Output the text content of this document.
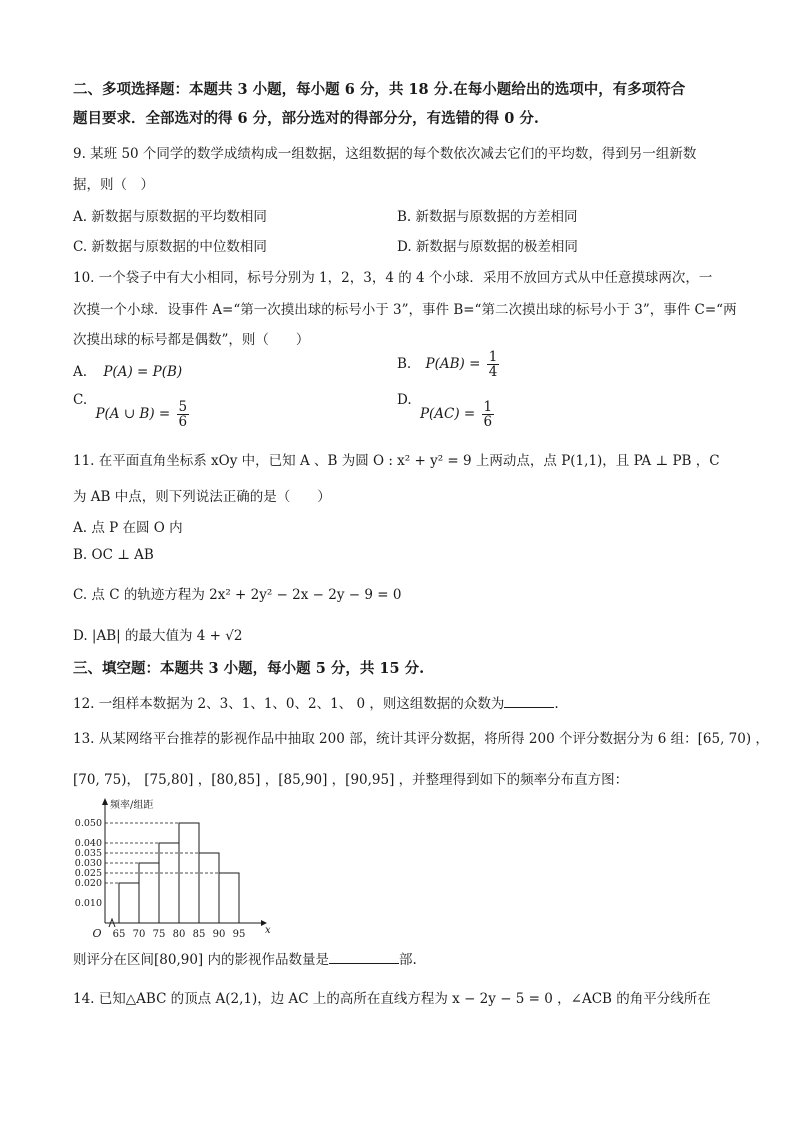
二、多项选择题：本题共 3 小题，每小题 6 分，共 18 分.在每小题给出的选项中，有多项符合
题目要求．全部选对的得 6 分，部分选对的得部分分，有选错的得 0 分.
9. 某班 50 个同学的数学成绩构成一组数据，这组数据的每个数依次减去它们的平均数，得到另一组新数
据，则（　）
A. 新数据与原数据的平均数相同	B. 新数据与原数据的方差相同
C. 新数据与原数据的中位数相同	D. 新数据与原数据的极差相同
10. 一个袋子中有大小相同，标号分别为 1，2，3，4 的 4 个小球．采用不放回方式从中任意摸球两次，一
次摸一个小球．设事件 A=“第一次摸出球的标号小于 3”，事件 B=“第二次摸出球的标号小于 3”，事件 C=“两
次摸出球的标号都是偶数”，则（　　）
A. P(A) = P(B)	B. $P(AB) = \frac{1}{4}$
C. P(A ∪ $B) = \frac{5}{6}$	D. $P(AC) = \frac{1}{6}$
11. 在平面直角坐标系 xOy 中，已知 A 、B 为圆 O : x² + y² = 9 上两动点，点 P(1,1)，且 PA ⊥ PB ，C
为 AB 中点，则下列说法正确的是（　　）
A. 点 P 在圆 O 内
B. OC ⊥ AB
C. 点 C 的轨迹方程为 2x² + 2y² − 2x − 2y − 9 = 0
D. |AB| 的最大值为 4 + √2
三、填空题：本题共 3 小题，每小题 5 分，共 15 分.
12. 一组样本数据为 2、3、1、1、0、2、1、 0 ，则这组数据的众数为	.
13. 从某网络平台推荐的影视作品中抽取 200 部，统计其评分数据，将所得 200 个评分数据分为 6 组：[65, 70) ，
[70, 75)， [75,80] ，[80,85] ，[85,90] ，[90,95] ，并整理得到如下的频率分布直方图：
0.010
0.020
0.025
0.030
0.035
0.040
0.050
65 70 75 80 85 90 95
O	x
频率/组距
则评分在区间[80,90] 内的影视作品数量是	部.
14. 已知△ABC 的顶点 A(2,1)，边 AC 上的高所在直线方程为 x − 2y − 5 = 0 ，∠ACB 的角平分线所在
